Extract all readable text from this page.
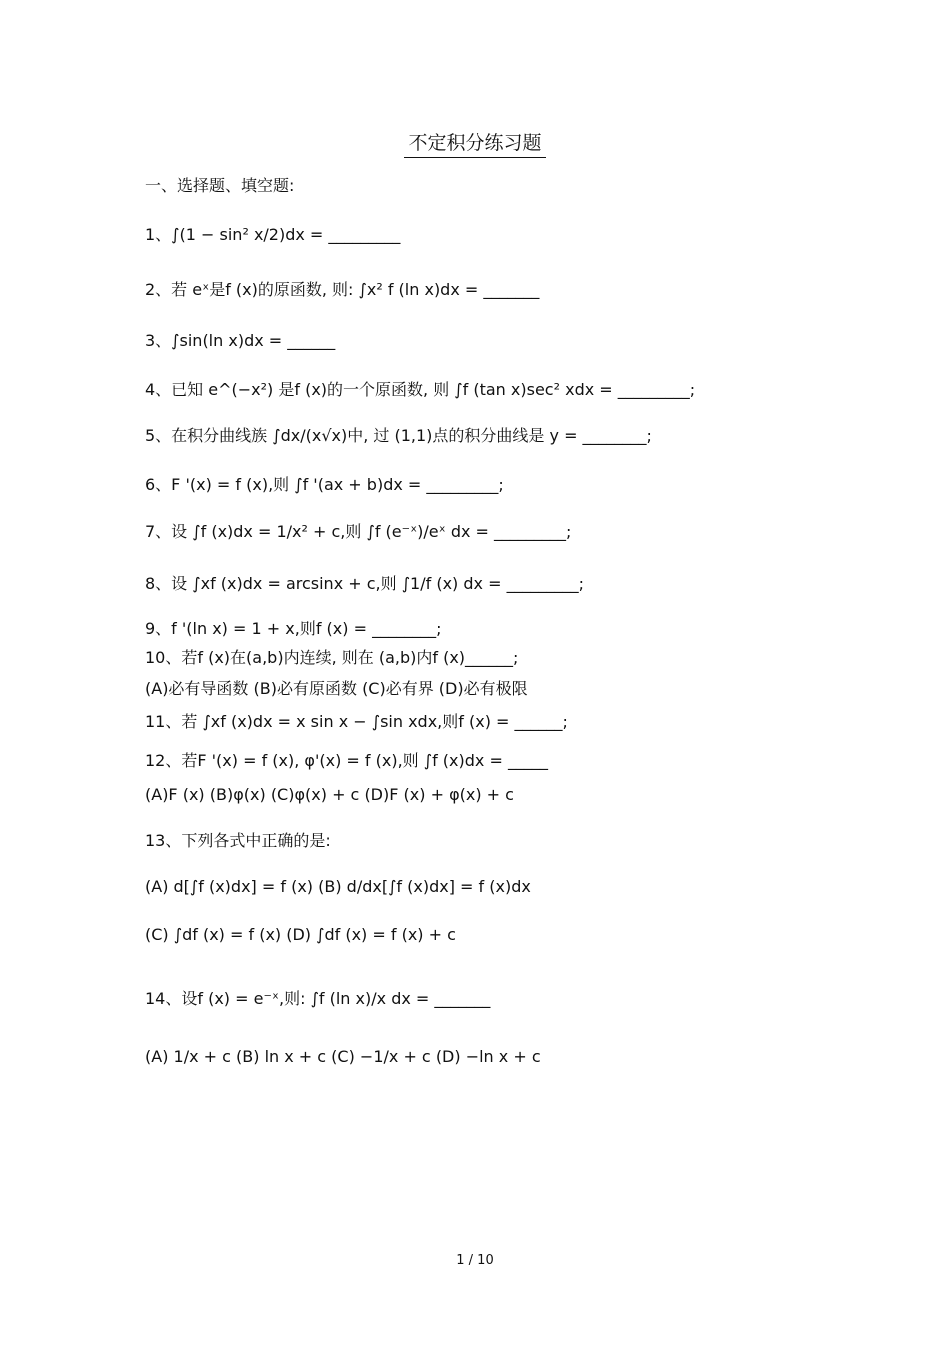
不定积分练习题
一、选择题、填空题:
1、∫(1 − sin² x/2)dx = _________
2、若 eˣ是f (x)的原函数, 则: ∫x² f (ln x)dx = _______
3、∫sin(ln x)dx = ______
4、已知 e^(−x²) 是f (x)的一个原函数, 则 ∫f (tan x)sec² xdx = _________;
5、在积分曲线族 ∫dx/(x√x)中, 过 (1,1)点的积分曲线是 y = ________;
6、F '(x) = f (x),则 ∫f '(ax + b)dx = _________;
7、设 ∫f (x)dx = 1/x² + c,则 ∫f (e⁻ˣ)/eˣ dx = _________;
8、设 ∫xf (x)dx = arcsinx + c,则 ∫1/f (x) dx = _________;
9、f '(ln x) = 1 + x,则f (x) = ________;
10、若f (x)在(a,b)内连续, 则在 (a,b)内f (x)______;
(A)必有导函数 (B)必有原函数 (C)必有界 (D)必有极限
11、若 ∫xf (x)dx = x sin x − ∫sin xdx,则f (x) = ______;
12、若F '(x) = f (x), φ'(x) = f (x),则 ∫f (x)dx = _____
(A)F (x) (B)φ(x) (C)φ(x) + c (D)F (x) + φ(x) + c
13、下列各式中正确的是:
(A) d[∫f (x)dx] = f (x) (B) d/dx[∫f (x)dx] = f (x)dx
(C) ∫df (x) = f (x) (D) ∫df (x) = f (x) + c
14、设f (x) = e⁻ˣ,则: ∫f (ln x)/x dx = _______
(A) 1/x + c (B) ln x + c (C) −1/x + c (D) −ln x + c
1 / 10
